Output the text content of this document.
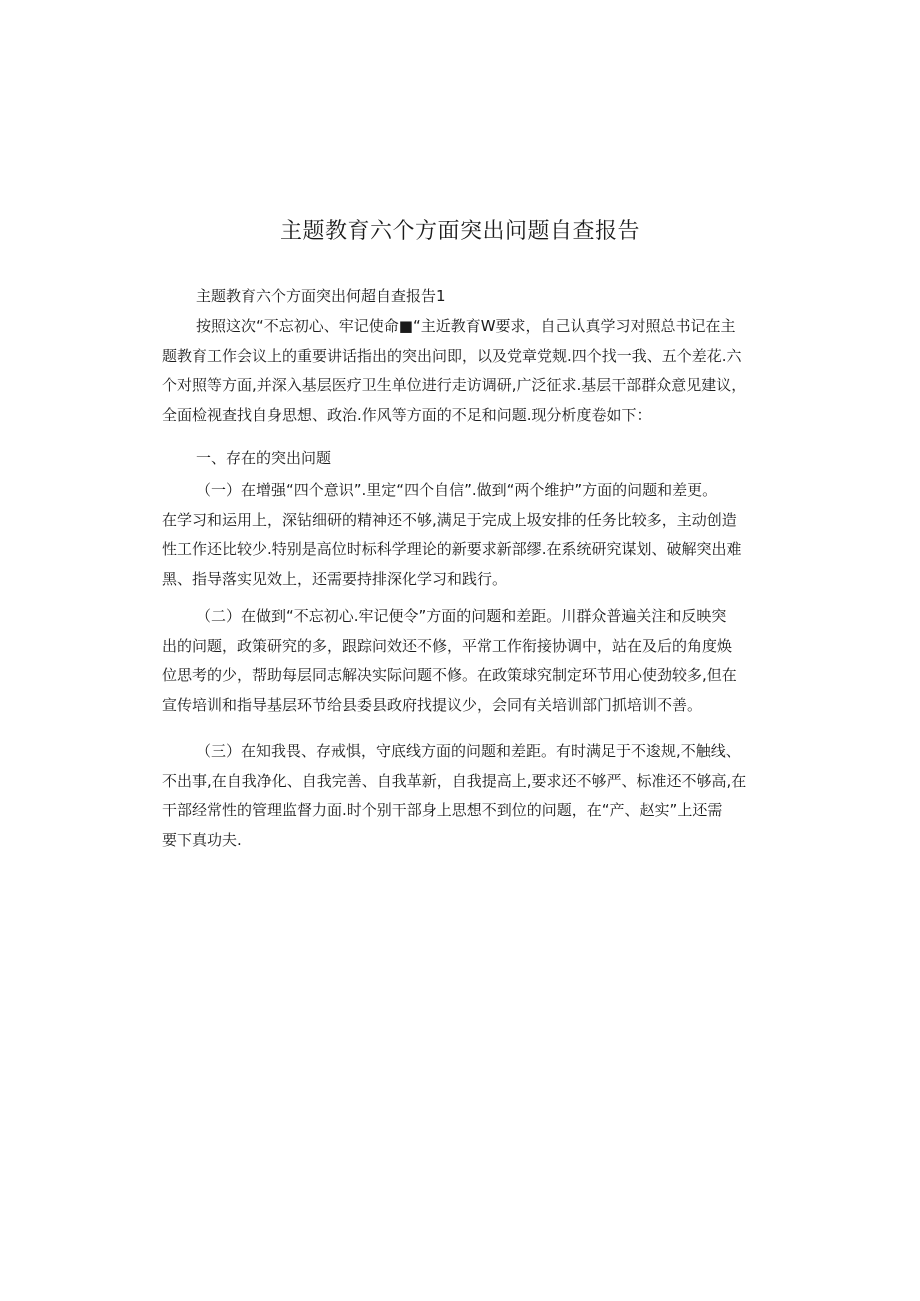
主题教育六个方面突出问题自查报告
主题教育六个方面突出何超自查报告1
按照这次“不忘初心、牢记使命■“主近教育W要求，自己认真学习对照总书记在主
题教育工作会议上的重要讲话指出的突出问即，以及党章党觌.四个找一我、五个差花.六
个对照等方面,并深入基层医疗卫生单位进行走访调研,广泛征求.基层干部群众意见建议，
全面检视查找自身思想、政治.作风等方面的不足和问题.现分析度卷如下：
一、存在的突出问题
（一）在增强“四个意识”.里定“四个自信”.做到“两个维护”方面的问题和差更。
在学习和运用上，深钻细研的精神还不够,满足于完成上圾安排的任务比较多，主动创造
性工作还比较少.特别是高位时标科学理论的新要求新部缪.在系统研究谋划、破解突出难
黑、指导落实见效上，还需要持排深化学习和践行。
（二）在做到“不忘初心.牢记便令”方面的问题和差距。川群众普遍关注和反映突
出的问题，政策研究的多，跟踪问效还不修，平常工作衔接协调中，站在及后的角度焕
位思考的少，帮助每层同志解决实际问题不修。在政策球究制定环节用心使劲较多,但在
宣传培训和指导基层环节给县委县政府找提议少，会同有关培训部门抓培训不善。
（三）在知我畏、存戒惧，守底线方面的问题和差距。有时满足于不逡规,不触线、
不出事,在自我净化、自我完善、自我革新，自我提高上,要求还不够严、标准还不够高,在
干部经常性的管理监督力面.时个别干部身上思想不到位的问题，在“产、赵实”上还需
要下真功夫.
